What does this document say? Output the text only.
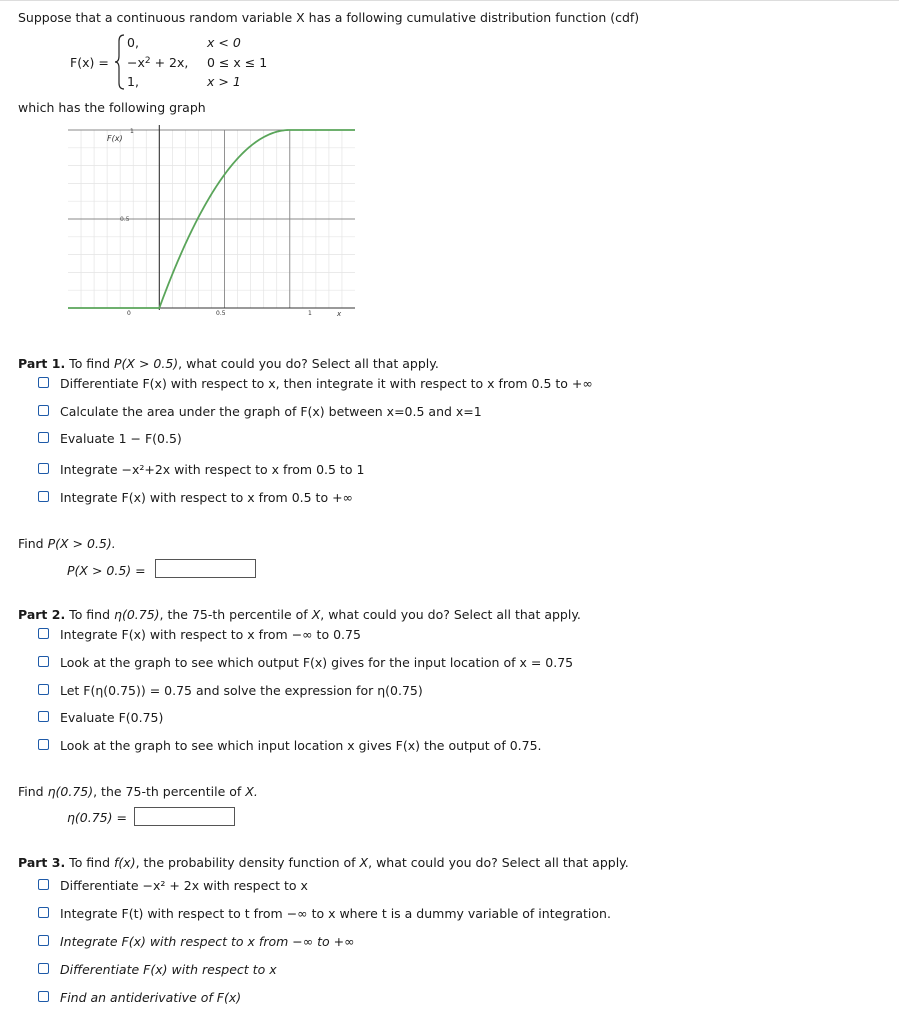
Suppose that a continuous random variable X has a following cumulative distribution function (cdf)
F(x) =
0,	x < 0
$-x^2 + 2x$, 0 ≤ x ≤ 1
1,	x > 1
which has the following graph
F(x)
1
0.5
0	0.5	1	x
Part 1. To find P(X > 0.5), what could you do? Select all that apply.
Differentiate F(x) with respect to x, then integrate it with respect to x from 0.5 to +∞
Calculate the area under the graph of F(x) between x=0.5 and x=1
Evaluate 1 − F(0.5)
Integrate −x²+2x with respect to x from 0.5 to 1
Integrate F(x) with respect to x from 0.5 to +∞
Find P(X > 0.5).
P(X > 0.5) =
Part 2. To find η(0.75), the 75-th percentile of X, what could you do? Select all that apply.
Integrate F(x) with respect to x from −∞ to 0.75
Look at the graph to see which output F(x) gives for the input location of x = 0.75
Let F(η(0.75)) = 0.75 and solve the expression for η(0.75)
Evaluate F(0.75)
Look at the graph to see which input location x gives F(x) the output of 0.75.
Find η(0.75), the 75-th percentile of X.
η(0.75) =
Part 3. To find f(x), the probability density function of X, what could you do? Select all that apply.
Differentiate −x² + 2x with respect to x
Integrate F(t) with respect to t from −∞ to x where t is a dummy variable of integration.
Integrate F(x) with respect to x from −∞ to +∞
Differentiate F(x) with respect to x
Find an antiderivative of F(x)
